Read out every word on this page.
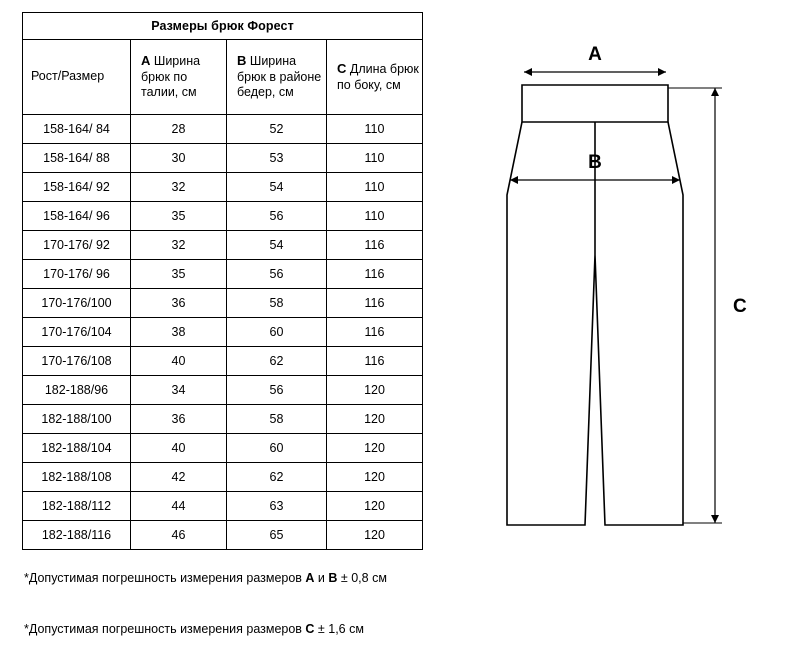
Размеры брюк Форест			
Рост/Размер	A Ширина брюк по талии, см	B Ширина брюк в районе бедер, см	C Длина брюк по боку, см
158-164/ 84	28	52	110
158-164/ 88	30	53	110
158-164/ 92	32	54	110
158-164/ 96	35	56	110
170-176/ 92	32	54	116
170-176/ 96	35	56	116
170-176/100	36	58	116
170-176/104	38	60	116
170-176/108	40	62	116
182-188/96	34	56	120
182-188/100	36	58	120
182-188/104	40	60	120
182-188/108	42	62	120
182-188/112	44	63	120
182-188/116	46	65	120
*Допустимая погрешность измерения размеров A и B ± 0,8 см
*Допустимая погрешность измерения размеров C ± 1,6 см
A
B
C
